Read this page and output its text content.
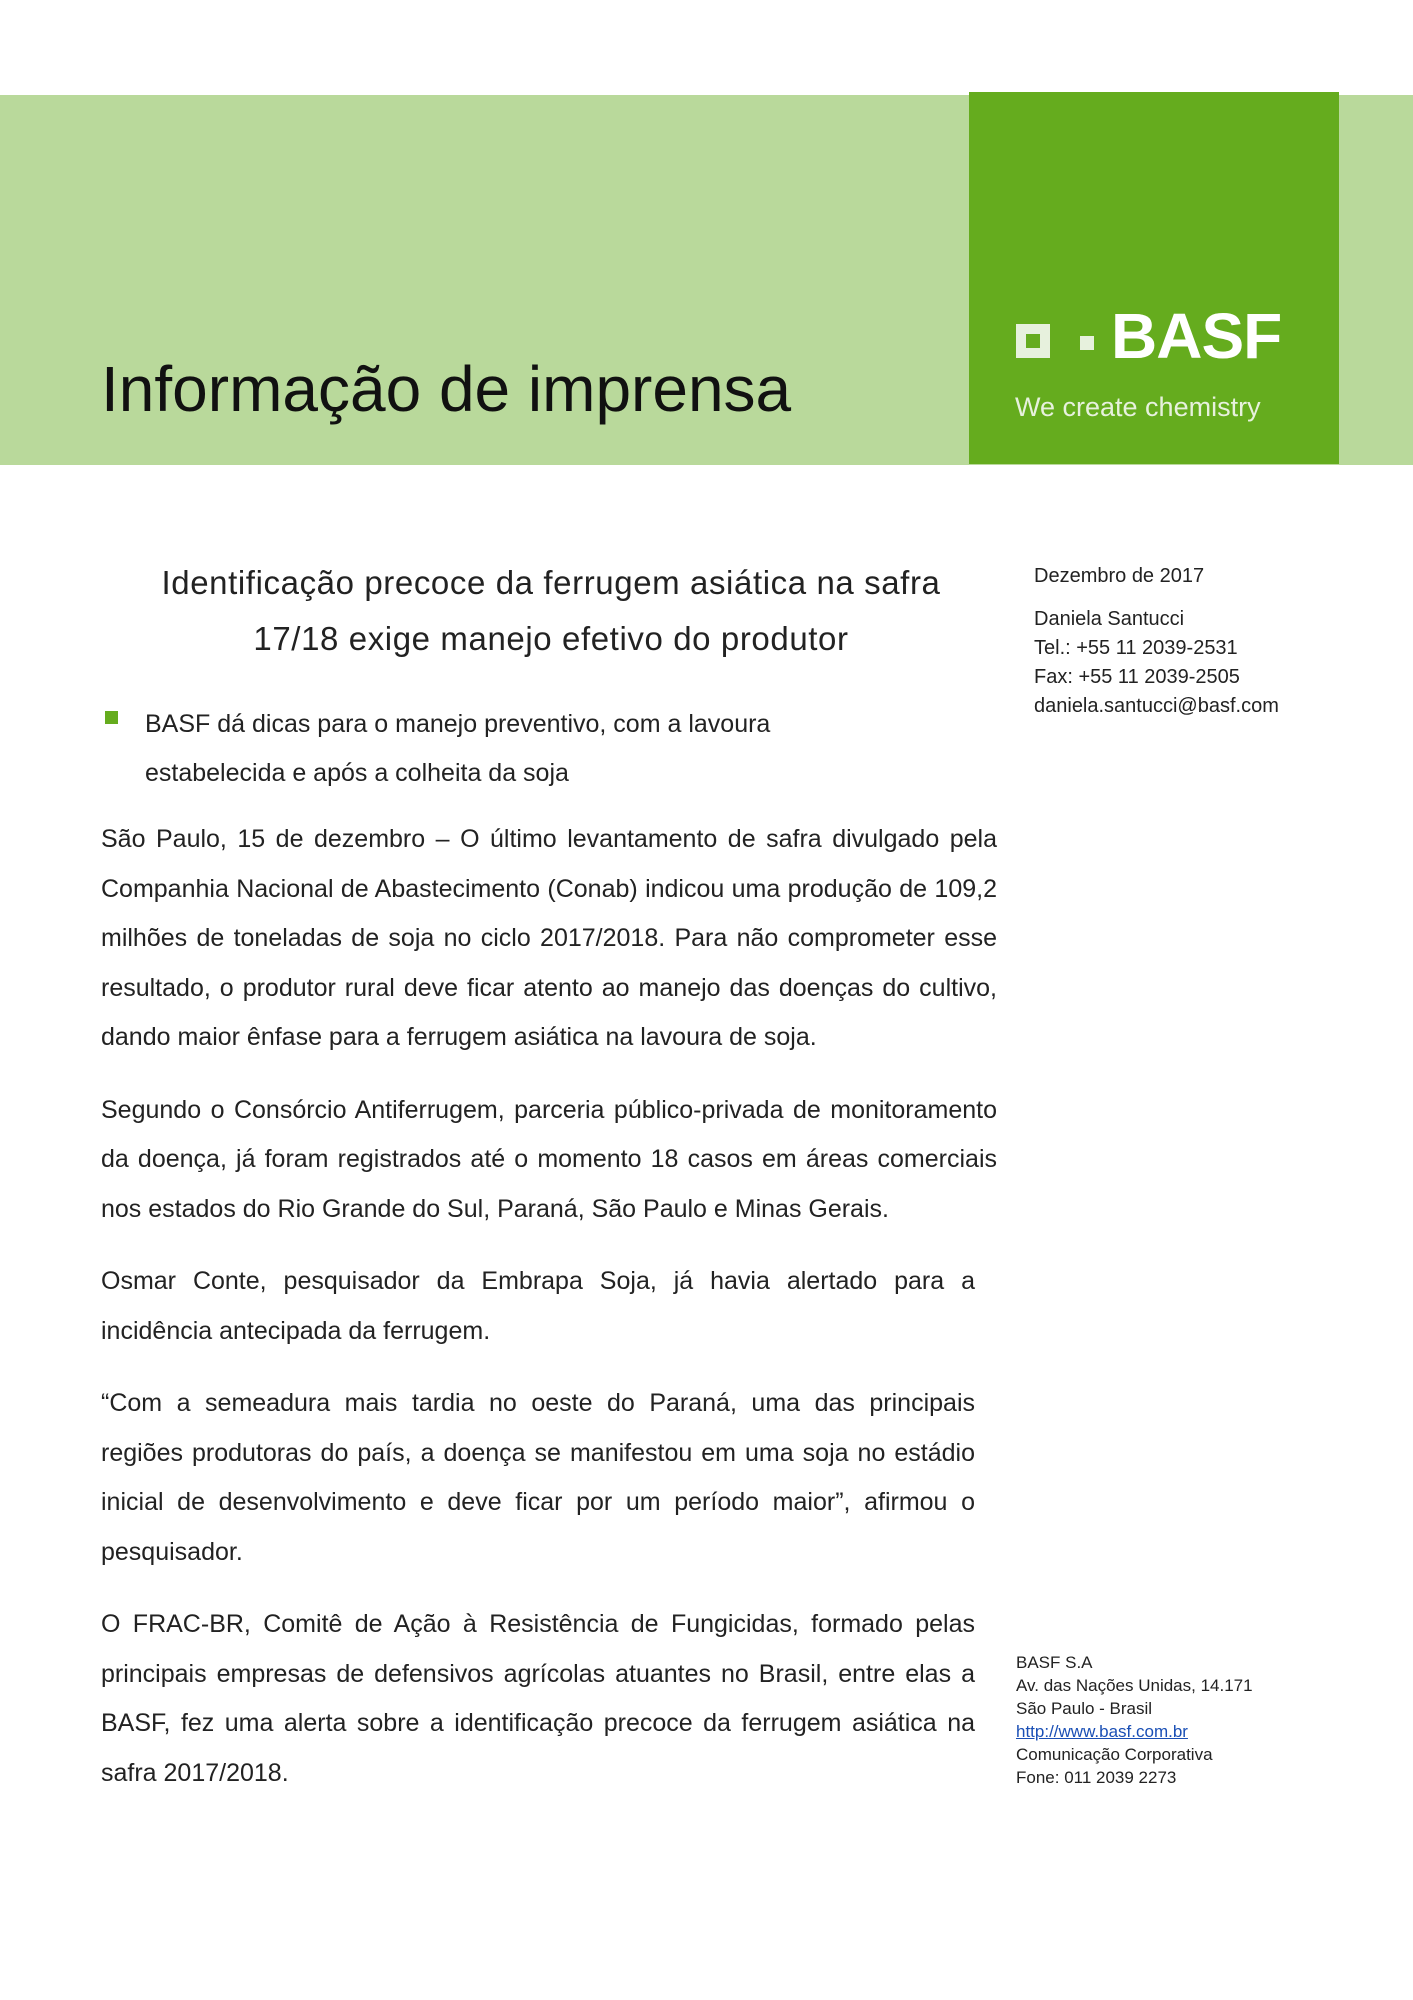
BASF
We create chemistry
Informação de imprensa
Identificação precoce da ferrugem asiática na safra
17/18 exige manejo efetivo do produtor
BASF dá dicas para o manejo preventivo, com a lavoura estabelecida e após a colheita da soja

São Paulo, 15 de dezembro – O último levantamento de safra divulgado pela Companhia Nacional de Abastecimento (Conab) indicou uma produção de 109,2 milhões de toneladas de soja no ciclo 2017/2018. Para não comprometer esse resultado, o produtor rural deve ficar atento ao manejo das doenças do cultivo, dando maior ênfase para a ferrugem asiática na lavoura de soja.

Segundo o Consórcio Antiferrugem, parceria público-privada de monitoramento da doença, já foram registrados até o momento 18 casos em áreas comerciais nos estados do Rio Grande do Sul, Paraná, São Paulo e Minas Gerais.

Osmar Conte, pesquisador da Embrapa Soja, já havia alertado para a incidência antecipada da ferrugem.

“Com a semeadura mais tardia no oeste do Paraná, uma das principais regiões produtoras do país, a doença se manifestou em uma soja no estádio inicial de desenvolvimento e deve ficar por um período maior”, afirmou o pesquisador.

O FRAC-BR, Comitê de Ação à Resistência de Fungicidas, formado pelas principais empresas de defensivos agrícolas atuantes no Brasil, entre elas a BASF, fez uma alerta sobre a identificação precoce da ferrugem asiática na safra 2017/2018.

Dezembro de 2017
Daniela Santucci
Tel.: +55 11 2039-2531
Fax: +55 11 2039-2505
daniela.santucci@basf.com
BASF S.A
Av. das Nações Unidas, 14.171
São Paulo - Brasil
http://www.basf.com.br
Comunicação Corporativa
Fone: 011 2039 2273
